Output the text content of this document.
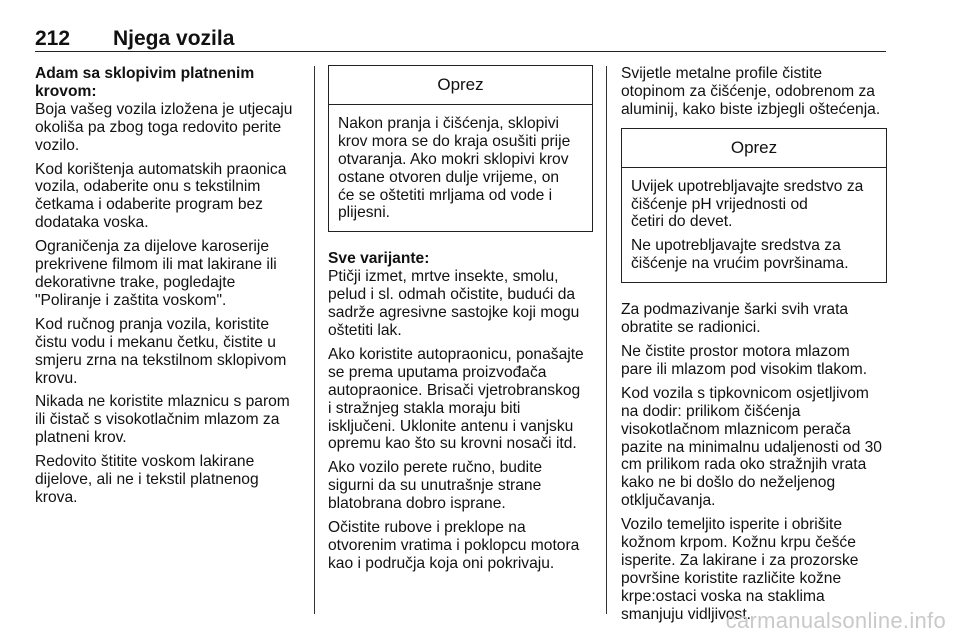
212 Njega vozila
Adam sa sklopivim platnenim
krovom:

Boja vašeg vozila izložena je utjecaju
okoliša pa zbog toga redovito perite
vozilo.

Kod korištenja automatskih praonica
vozila, odaberite onu s tekstilnim
četkama i odaberite program bez
dodataka voska.

Ograničenja za dijelove karoserije
prekrivene filmom ili mat lakirane ili
dekorativne trake, pogledajte
"Poliranje i zaštita voskom".

Kod ručnog pranja vozila, koristite
čistu vodu i mekanu četku, čistite u
smjeru zrna na tekstilnom sklopivom
krovu.

Nikada ne koristite mlaznicu s parom
ili čistač s visokotlačnim mlazom za
platneni krov.

Redovito štitite voskom lakirane
dijelove, ali ne i tekstil platnenog
krova.

Oprez

Nakon pranja i čišćenja, sklopivi
krov mora se do kraja osušiti prije
otvaranja. Ako mokri sklopivi krov
ostane otvoren dulje vrijeme, on
će se oštetiti mrljama od vode i
plijesni.

Sve varijante:

Ptičji izmet, mrtve insekte, smolu,
pelud i sl. odmah očistite, budući da
sadrže agresivne sastojke koji mogu
oštetiti lak.

Ako koristite autopraonicu, ponašajte
se prema uputama proizvođača
autopraonice. Brisači vjetrobranskog
i stražnjeg stakla moraju biti
isključeni. Uklonite antenu i vanjsku
opremu kao što su krovni nosači itd.

Ako vozilo perete ručno, budite
sigurni da su unutrašnje strane
blatobrana dobro isprane.

Očistite rubove i preklope na
otvorenim vratima i poklopcu motora
kao i područja koja oni pokrivaju.

Svijetle metalne profile čistite
otopinom za čišćenje, odobrenom za
aluminij, kako biste izbjegli oštećenja.

Oprez

Uvijek upotrebljavajte sredstvo za
čišćenje pH vrijednosti od
četiri do devet.

Ne upotrebljavajte sredstva za
čišćenje na vrućim površinama.

Za podmazivanje šarki svih vrata
obratite se radionici.

Ne čistite prostor motora mlazom
pare ili mlazom pod visokim tlakom.

Kod vozila s tipkovnicom osjetljivom
na dodir: prilikom čišćenja
visokotlačnom mlaznicom perača
pazite na minimalnu udaljenosti od 30
cm prilikom rada oko stražnjih vrata
kako ne bi došlo do neželjenog
otključavanja.

Vozilo temeljito isperite i obrišite
kožnom krpom. Kožnu krpu češće
isperite. Za lakirane i za prozorske
površine koristite različite kožne
krpe:ostaci voska na staklima
smanjuju vidljivost.

carmanualsonline.info
